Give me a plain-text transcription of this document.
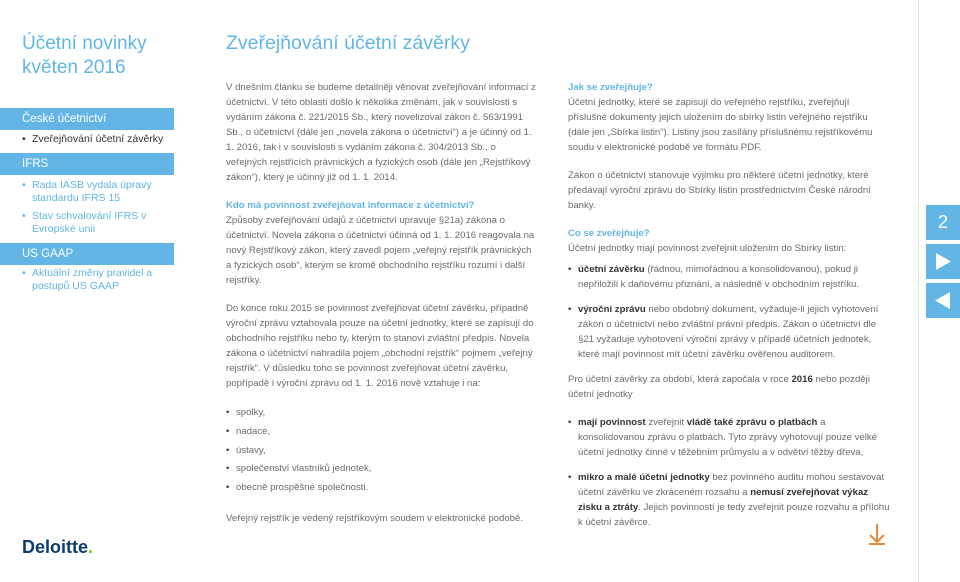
Účetní novinky
květen 2016
České účetnictví
• Zveřejňování účetní závěrky
IFRS
• Rada IASB vydala úpravy standardu IFRS 15
• Stav schvalování IFRS v Evropské unii
US GAAP
• Aktuální změny pravidel a postupů US GAAP
Deloitte.
Zveřejňování účetní závěrky

V dnešním článku se budeme detailněji věnovat zveřejňování informací z účetnictví. V této oblasti došlo k několika změnám, jak v souvislosti s vydáním zákona č. 221/2015 Sb., který novelizoval zákon č. 563/1991 Sb., o účetnictví (dále jen „novela zákona o účetnictví“) a je účinný od 1. 1. 2016, tak i v souvislosti s vydáním zákona č. 304/2013 Sb., o veřejných rejstřících právnických a fyzických osob (dále jen „Rejstříkový zákon“), který je účinný již od 1. 1. 2014.

Kdo má povinnost zveřejňovat informace z účetnictví?

Způsoby zveřejňování údajů z účetnictví upravuje §21a) zákona o účetnictví. Novela zákona o účetnictví účinná od 1. 1. 2016 reagovala na nový Rejstříkový zákon, který zavedl pojem „veřejný rejstřík právnických a fyzických osob“, kterým se kromě obchodního rejstříku rozumí i další rejstříky.

Do konce roku 2015 se povinnost zveřejňovat účetní závěrku, případně výroční zprávu vztahovala pouze na účetní jednotky, které se zapisují do obchodního rejstříku nebo ty, kterým to stanoví zvláštní předpis. Novela zákona o účetnictví nahradila pojem „obchodní rejstřík“ pojmem „veřejný rejstřík“. V důsledku toho se povinnost zveřejňovat účetní závěrku, popřípadě i výroční zprávu od 1. 1. 2016 nově vztahuje i na:

• spolky,
• nadace,
• ústavy,
• společenství vlastníků jednotek,
• obecně prospěšné společnosti.

Veřejný rejstřík je vedený rejstříkovým soudem v elektronické podobě.

Jak se zveřejňuje?

Účetní jednotky, které se zapisují do veřejného rejstříku, zveřejňují příslušné dokumenty jejich uložením do sbírky listin veřejného rejstříku (dále jen „Sbírka listin“). Listiny jsou zasílány příslušnému rejstříkovému soudu v elektronické podobě ve formátu PDF.

Zákon o účetnictví stanovuje výjimku pro některé účetní jednotky, které předávají výroční zprávu do Sbírky listin prostřednictvím České národní banky.

Co se zveřejňuje?

Účetní jednotky mají povinnost zveřejnit uložením do Sbírky listin:

• účetní závěrku (řádnou, mimořádnou a konsolidovanou), pokud ji nepřiložili k daňovému přiznání, a následně v obchodním rejstříku.
• výroční zprávu nebo obdobný dokument, vyžaduje-li jejich vyhotovení zákon o účetnictví nebo zvláštní právní předpis. Zákon o účetnictví dle §21 vyžaduje vyhotovení výroční zprávy v případě účetních jednotek, které mají povinnost mít účetní závěrku ověřenou auditorem.

Pro účetní závěrky za období, která započala v roce 2016 nebo později účetní jednotky

• mají povinnost zveřejnit vládě také zprávu o platbách a konsolidovanou zprávu o platbách. Tyto zprávy vyhotovují pouze velké účetní jednotky činné v těžebním průmyslu a v odvětví těžby dřeva,
• mikro a malé účetní jednotky bez povinného auditu mohou sestavovat účetní závěrku ve zkráceném rozsahu a nemusí zveřejňovat výkaz zisku a ztráty. Jejich povinností je tedy zveřejnit pouze rozvahu a přílohu k účetní závěrce.
2
